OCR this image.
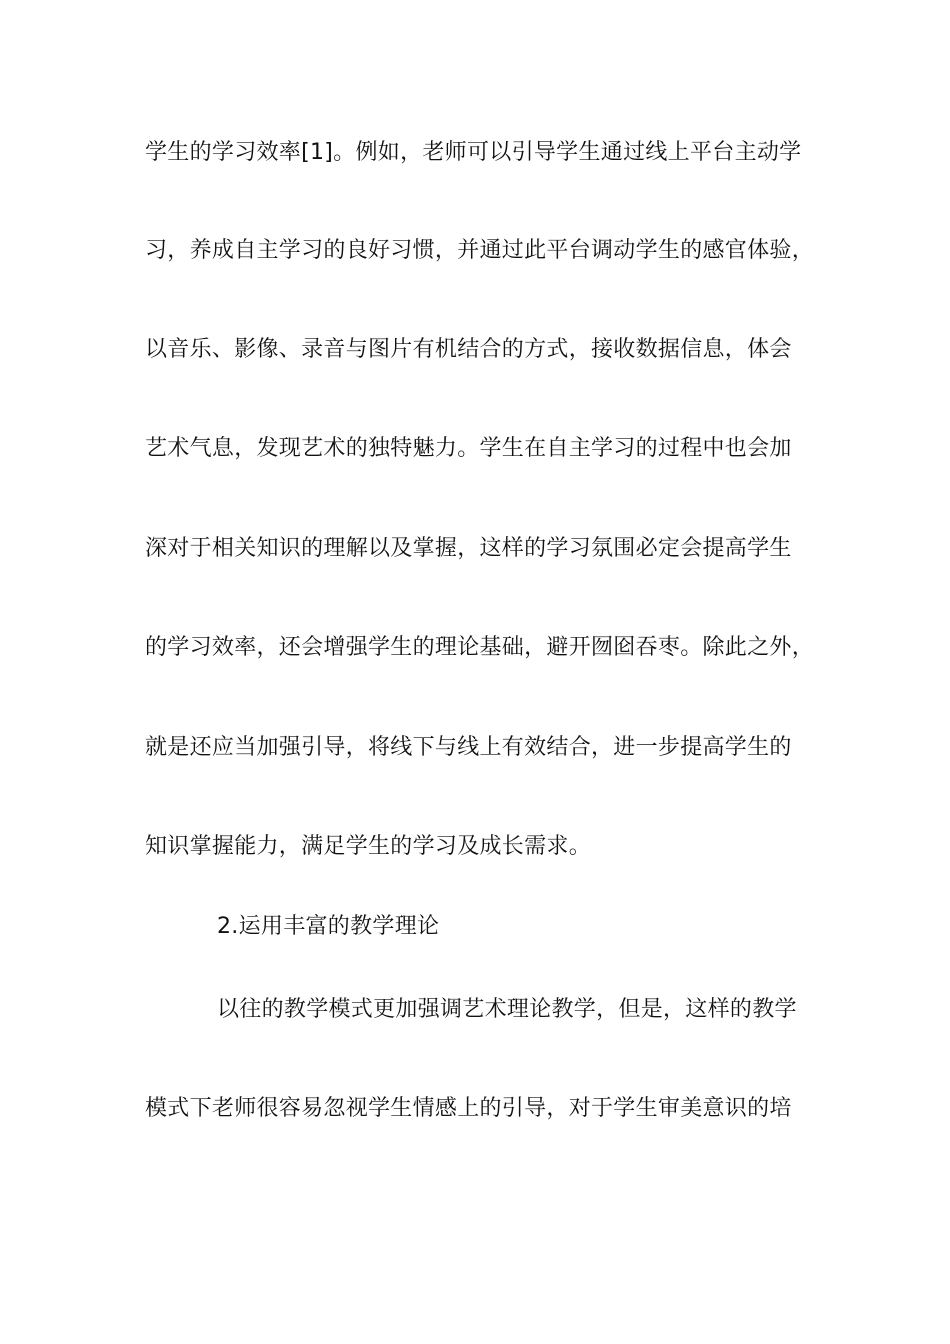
学生的学习效率[1]。例如，老师可以引导学生通过线上平台主动学
习，养成自主学习的良好习惯，并通过此平台调动学生的感官体验，
以音乐、影像、录音与图片有机结合的方式，接收数据信息，体会
艺术气息，发现艺术的独特魅力。学生在自主学习的过程中也会加
深对于相关知识的理解以及掌握，这样的学习氛围必定会提高学生
的学习效率，还会增强学生的理论基础，避开囫囵吞枣。除此之外，
就是还应当加强引导，将线下与线上有效结合，进一步提高学生的
知识掌握能力，满足学生的学习及成长需求。
2.运用丰富的教学理论
以往的教学模式更加强调艺术理论教学，但是，这样的教学
模式下老师很容易忽视学生情感上的引导，对于学生审美意识的培
